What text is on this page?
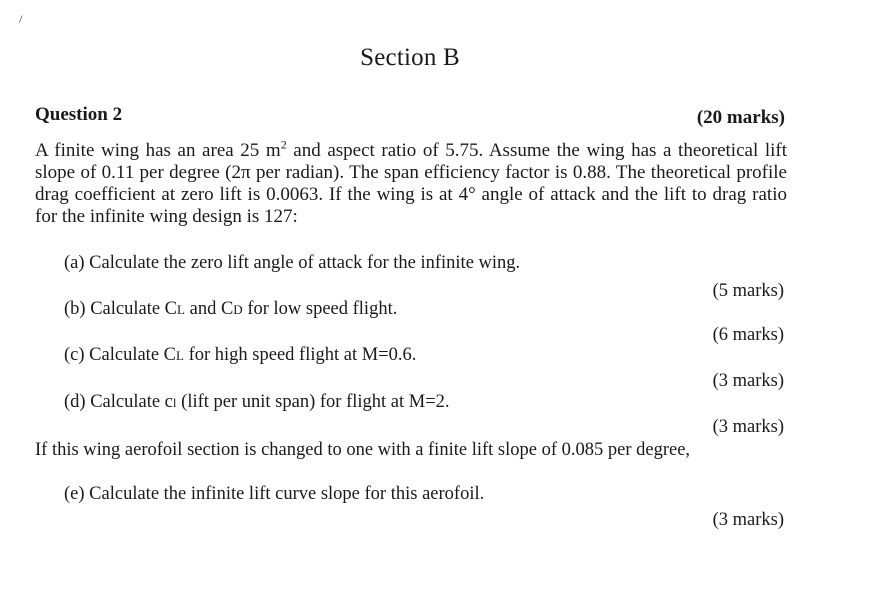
/
Section B
Question 2	(20 marks)
A finite wing has an area 25 $m^2$ and aspect ratio of 5.75. Assume the wing has a theoretical lift slope of 0.11 per degree (2π per radian). The span efficiency factor is 0.88. The theoretical profile drag coefficient at zero lift is 0.0063. If the wing is at 4° angle of attack and the lift to drag ratio for the infinite wing design is 127:
(a) Calculate the zero lift angle of attack for the infinite wing.
(5 marks)
(b) Calculate CL and CD for low speed flight.
(6 marks)
(c) Calculate CL for high speed flight at M=0.6.
(3 marks)
(d) Calculate cl (lift per unit span) for flight at M=2.
(3 marks)
If this wing aerofoil section is changed to one with a finite lift slope of 0.085 per degree,
(e) Calculate the infinite lift curve slope for this aerofoil.
(3 marks)
